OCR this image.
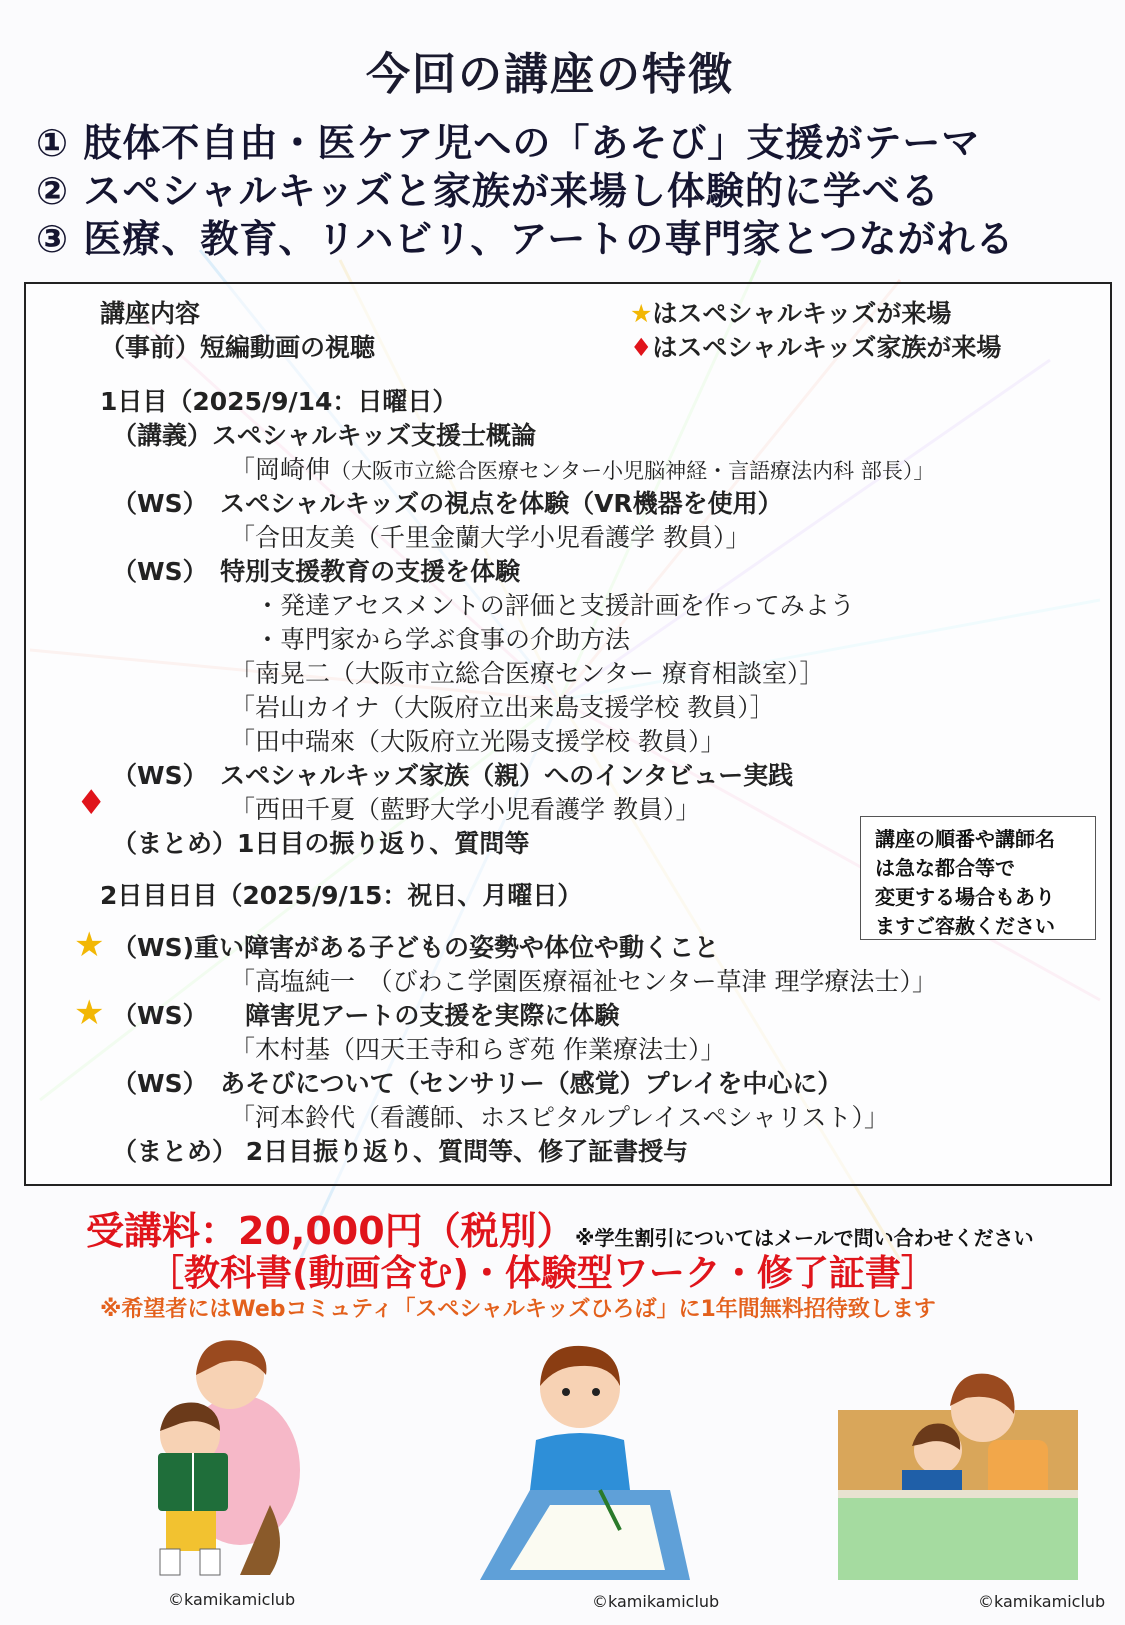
今回の講座の特徴
① 肢体不自由・医ケア児への「あそび」支援がテーマ
② スペシャルキッズと家族が来場し体験的に学べる
③ 医療、教育、リハビリ、アートの専門家とつながれる
講座内容
（事前）短編動画の視聴
★はスペシャルキッズが来場
♦はスペシャルキッズ家族が来場
1日目（2025/9/14：日曜日）
（講義）スペシャルキッズ支援士概論
「岡崎伸（大阪市立総合医療センター小児脳神経・言語療法内科 部長）」
（WS）　スペシャルキッズの視点を体験（VR機器を使用）
「合田友美（千里金蘭大学小児看護学 教員）」
（WS）　特別支援教育の支援を体験
・発達アセスメントの評価と支援計画を作ってみよう
・専門家から学ぶ食事の介助方法
「南晃二（大阪市立総合医療センター 療育相談室）］
「岩山カイナ（大阪府立出来島支援学校 教員）］
「田中瑞來（大阪府立光陽支援学校 教員）」
♦
（WS）　スペシャルキッズ家族（親）へのインタビュー実践
「西田千夏（藍野大学小児看護学 教員）」
（まとめ）1日目の振り返り、質問等	講座の順番や講師名
は急な都合等で
変更する場合もあり
ますご容赦ください
2日目日目（2025/9/15：祝日、月曜日）
★ （WS)重い障害がある子どもの姿勢や体位や動くこと
「高塩純一　（びわこ学園医療福祉センター草津 理学療法士）」
★ （WS）　　障害児アートの支援を実際に体験
「木村基（四天王寺和らぎ苑 作業療法士）」
（WS）　あそびについて（センサリー（感覚）プレイを中心に）
「河本鈴代（看護師、ホスピタルプレイスペシャリスト）」
（まとめ） 2日目振り返り、質問等、修了証書授与
受講料：20,000円（税別） ※学生割引についてはメールで問い合わせください
［教科書(動画含む)・体験型ワーク・修了証書］
※希望者にはWebコミュティ「スペシャルキッズひろば」に1年間無料招待致します
©kamikamiclub	©kamikamiclub	©kamikamiclub
